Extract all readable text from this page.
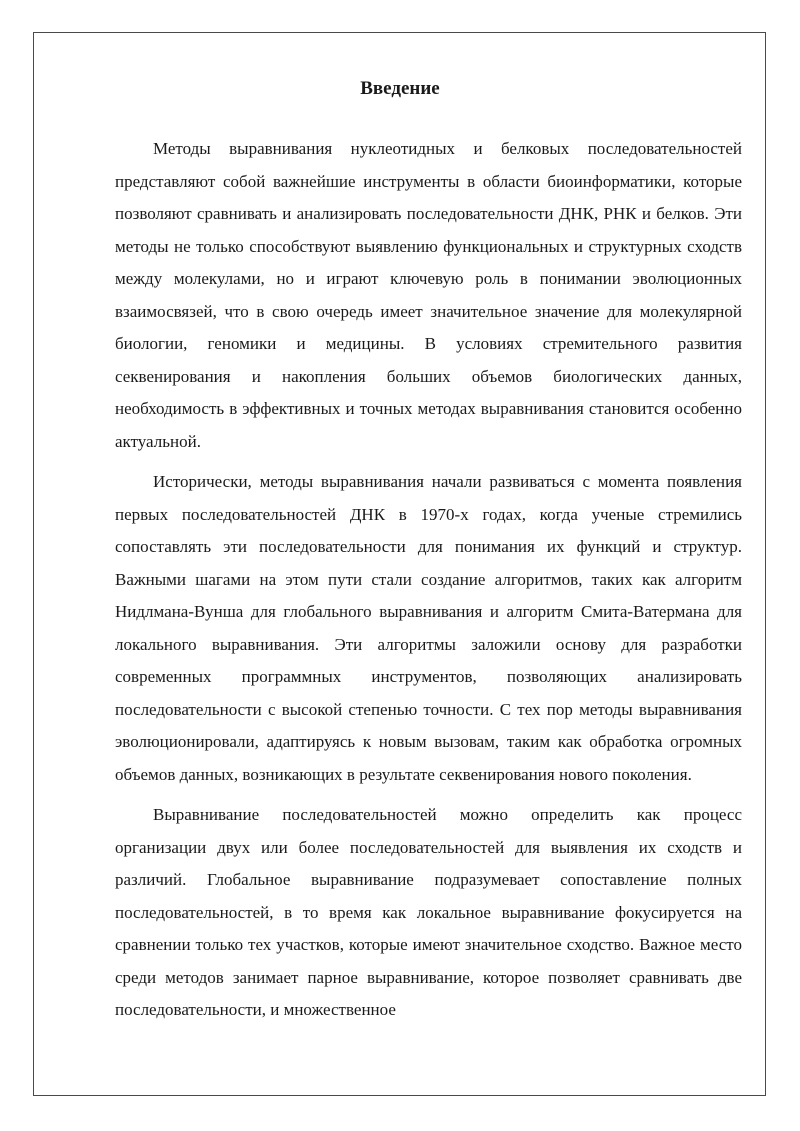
Введение

Методы выравнивания нуклеотидных и белковых последовательностей представляют собой важнейшие инструменты в области биоинформатики, которые позволяют сравнивать и анализировать последовательности ДНК, РНК и белков. Эти методы не только способствуют выявлению функциональных и структурных сходств между молекулами, но и играют ключевую роль в понимании эволюционных взаимосвязей, что в свою очередь имеет значительное значение для молекулярной биологии, геномики и медицины. В условиях стремительного развития секвенирования и накопления больших объемов биологических данных, необходимость в эффективных и точных методах выравнивания становится особенно актуальной.

Исторически, методы выравнивания начали развиваться с момента появления первых последовательностей ДНК в 1970-х годах, когда ученые стремились сопоставлять эти последовательности для понимания их функций и структур. Важными шагами на этом пути стали создание алгоритмов, таких как алгоритм Нидлмана-Вунша для глобального выравнивания и алгоритм Смита-Ватермана для локального выравнивания. Эти алгоритмы заложили основу для разработки современных программных инструментов, позволяющих анализировать последовательности с высокой степенью точности. С тех пор методы выравнивания эволюционировали, адаптируясь к новым вызовам, таким как обработка огромных объемов данных, возникающих в результате секвенирования нового поколения.

Выравнивание последовательностей можно определить как процесс организации двух или более последовательностей для выявления их сходств и различий. Глобальное выравнивание подразумевает сопоставление полных последовательностей, в то время как локальное выравнивание фокусируется на сравнении только тех участков, которые имеют значительное сходство. Важное место среди методов занимает парное выравнивание, которое позволяет сравнивать две последовательности, и множественное
